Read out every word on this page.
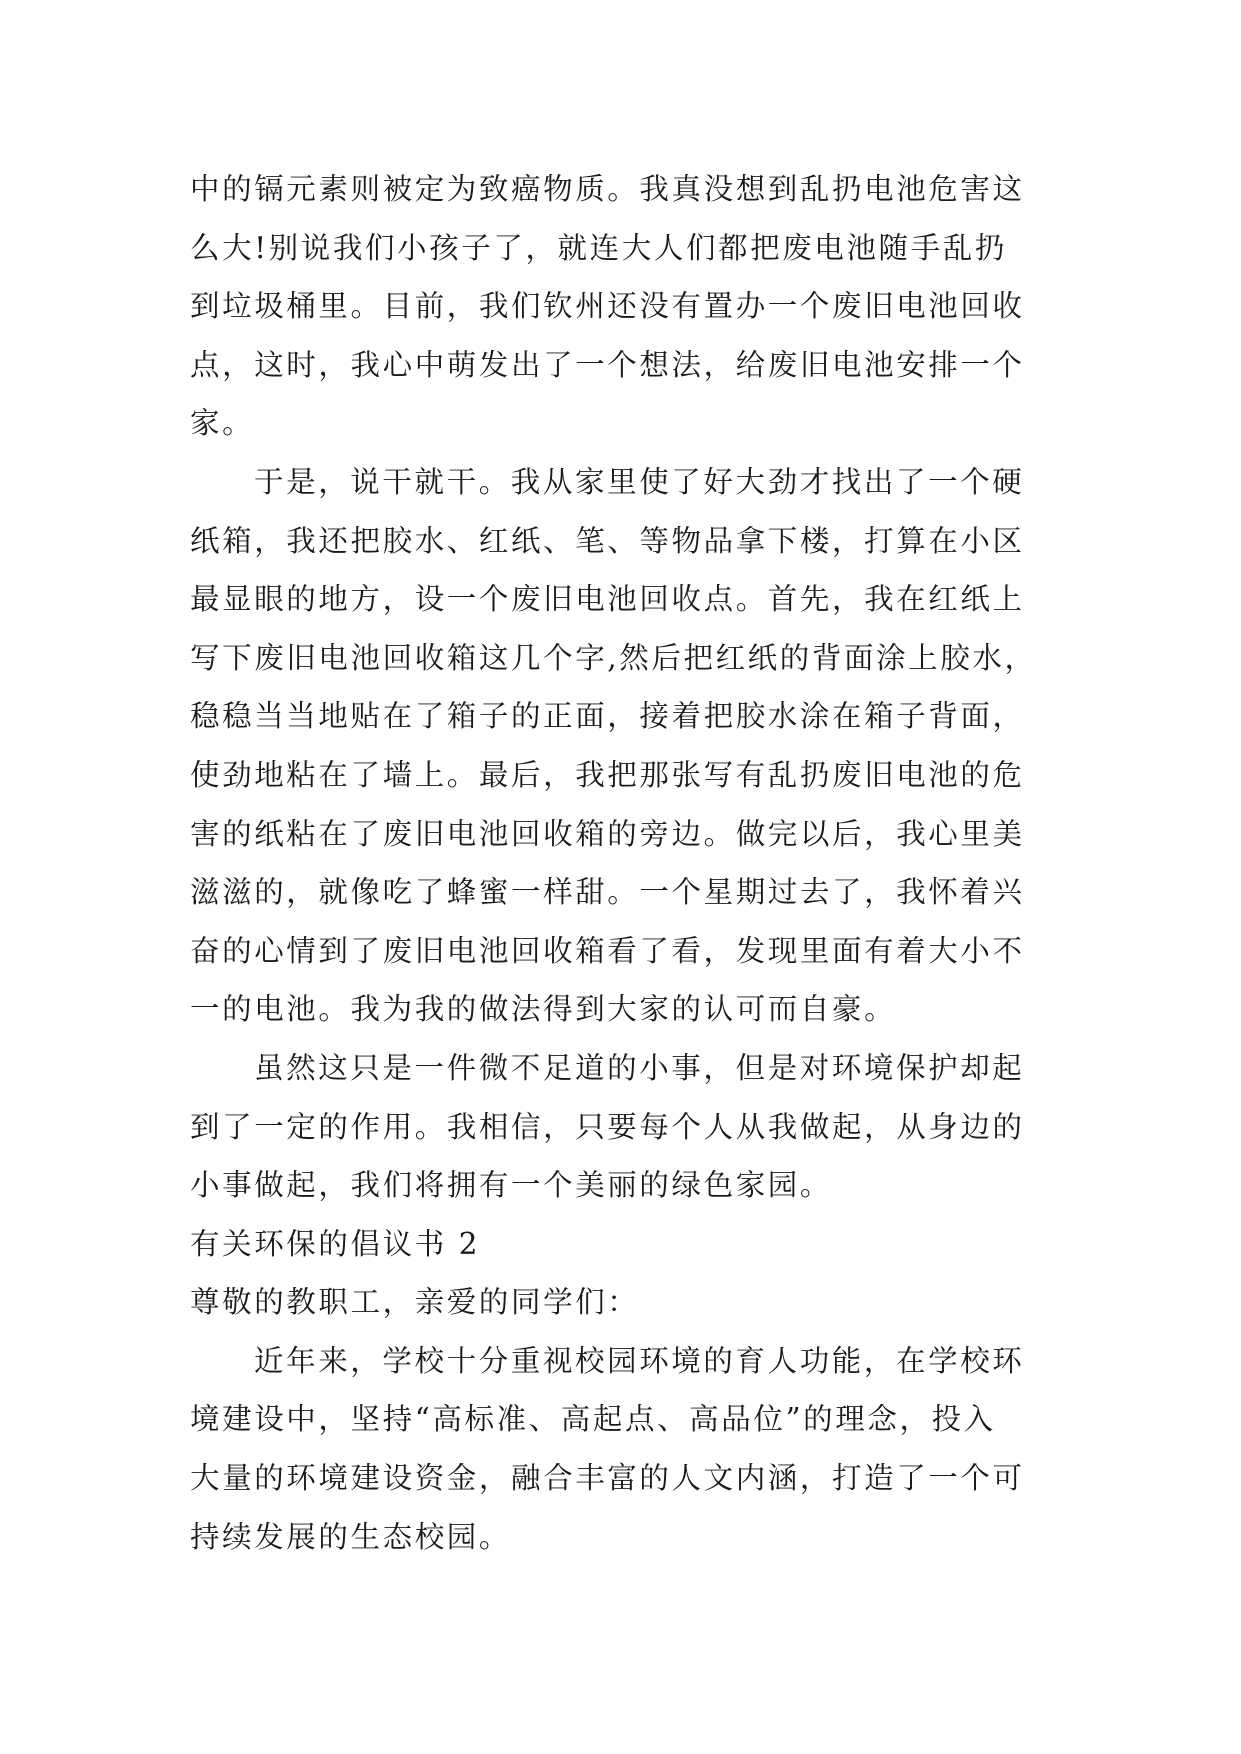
中的镉元素则被定为致癌物质。我真没想到乱扔电池危害这
么大!别说我们小孩子了，就连大人们都把废电池随手乱扔
到垃圾桶里。目前，我们钦州还没有置办一个废旧电池回收
点，这时，我心中萌发出了一个想法，给废旧电池安排一个
家。
于是，说干就干。我从家里使了好大劲才找出了一个硬
纸箱，我还把胶水、红纸、笔、等物品拿下楼，打算在小区
最显眼的地方，设一个废旧电池回收点。首先，我在红纸上
写下废旧电池回收箱这几个字,然后把红纸的背面涂上胶水，
稳稳当当地贴在了箱子的正面，接着把胶水涂在箱子背面，
使劲地粘在了墙上。最后，我把那张写有乱扔废旧电池的危
害的纸粘在了废旧电池回收箱的旁边。做完以后，我心里美
滋滋的，就像吃了蜂蜜一样甜。一个星期过去了，我怀着兴
奋的心情到了废旧电池回收箱看了看，发现里面有着大小不
一的电池。我为我的做法得到大家的认可而自豪。
虽然这只是一件微不足道的小事，但是对环境保护却起
到了一定的作用。我相信，只要每个人从我做起，从身边的
小事做起，我们将拥有一个美丽的绿色家园。
有关环保的倡议书 2
尊敬的教职工，亲爱的同学们：
近年来，学校十分重视校园环境的育人功能，在学校环
境建设中，坚持“高标准、高起点、高品位”的理念，投入
大量的环境建设资金，融合丰富的人文内涵，打造了一个可
持续发展的生态校园。
